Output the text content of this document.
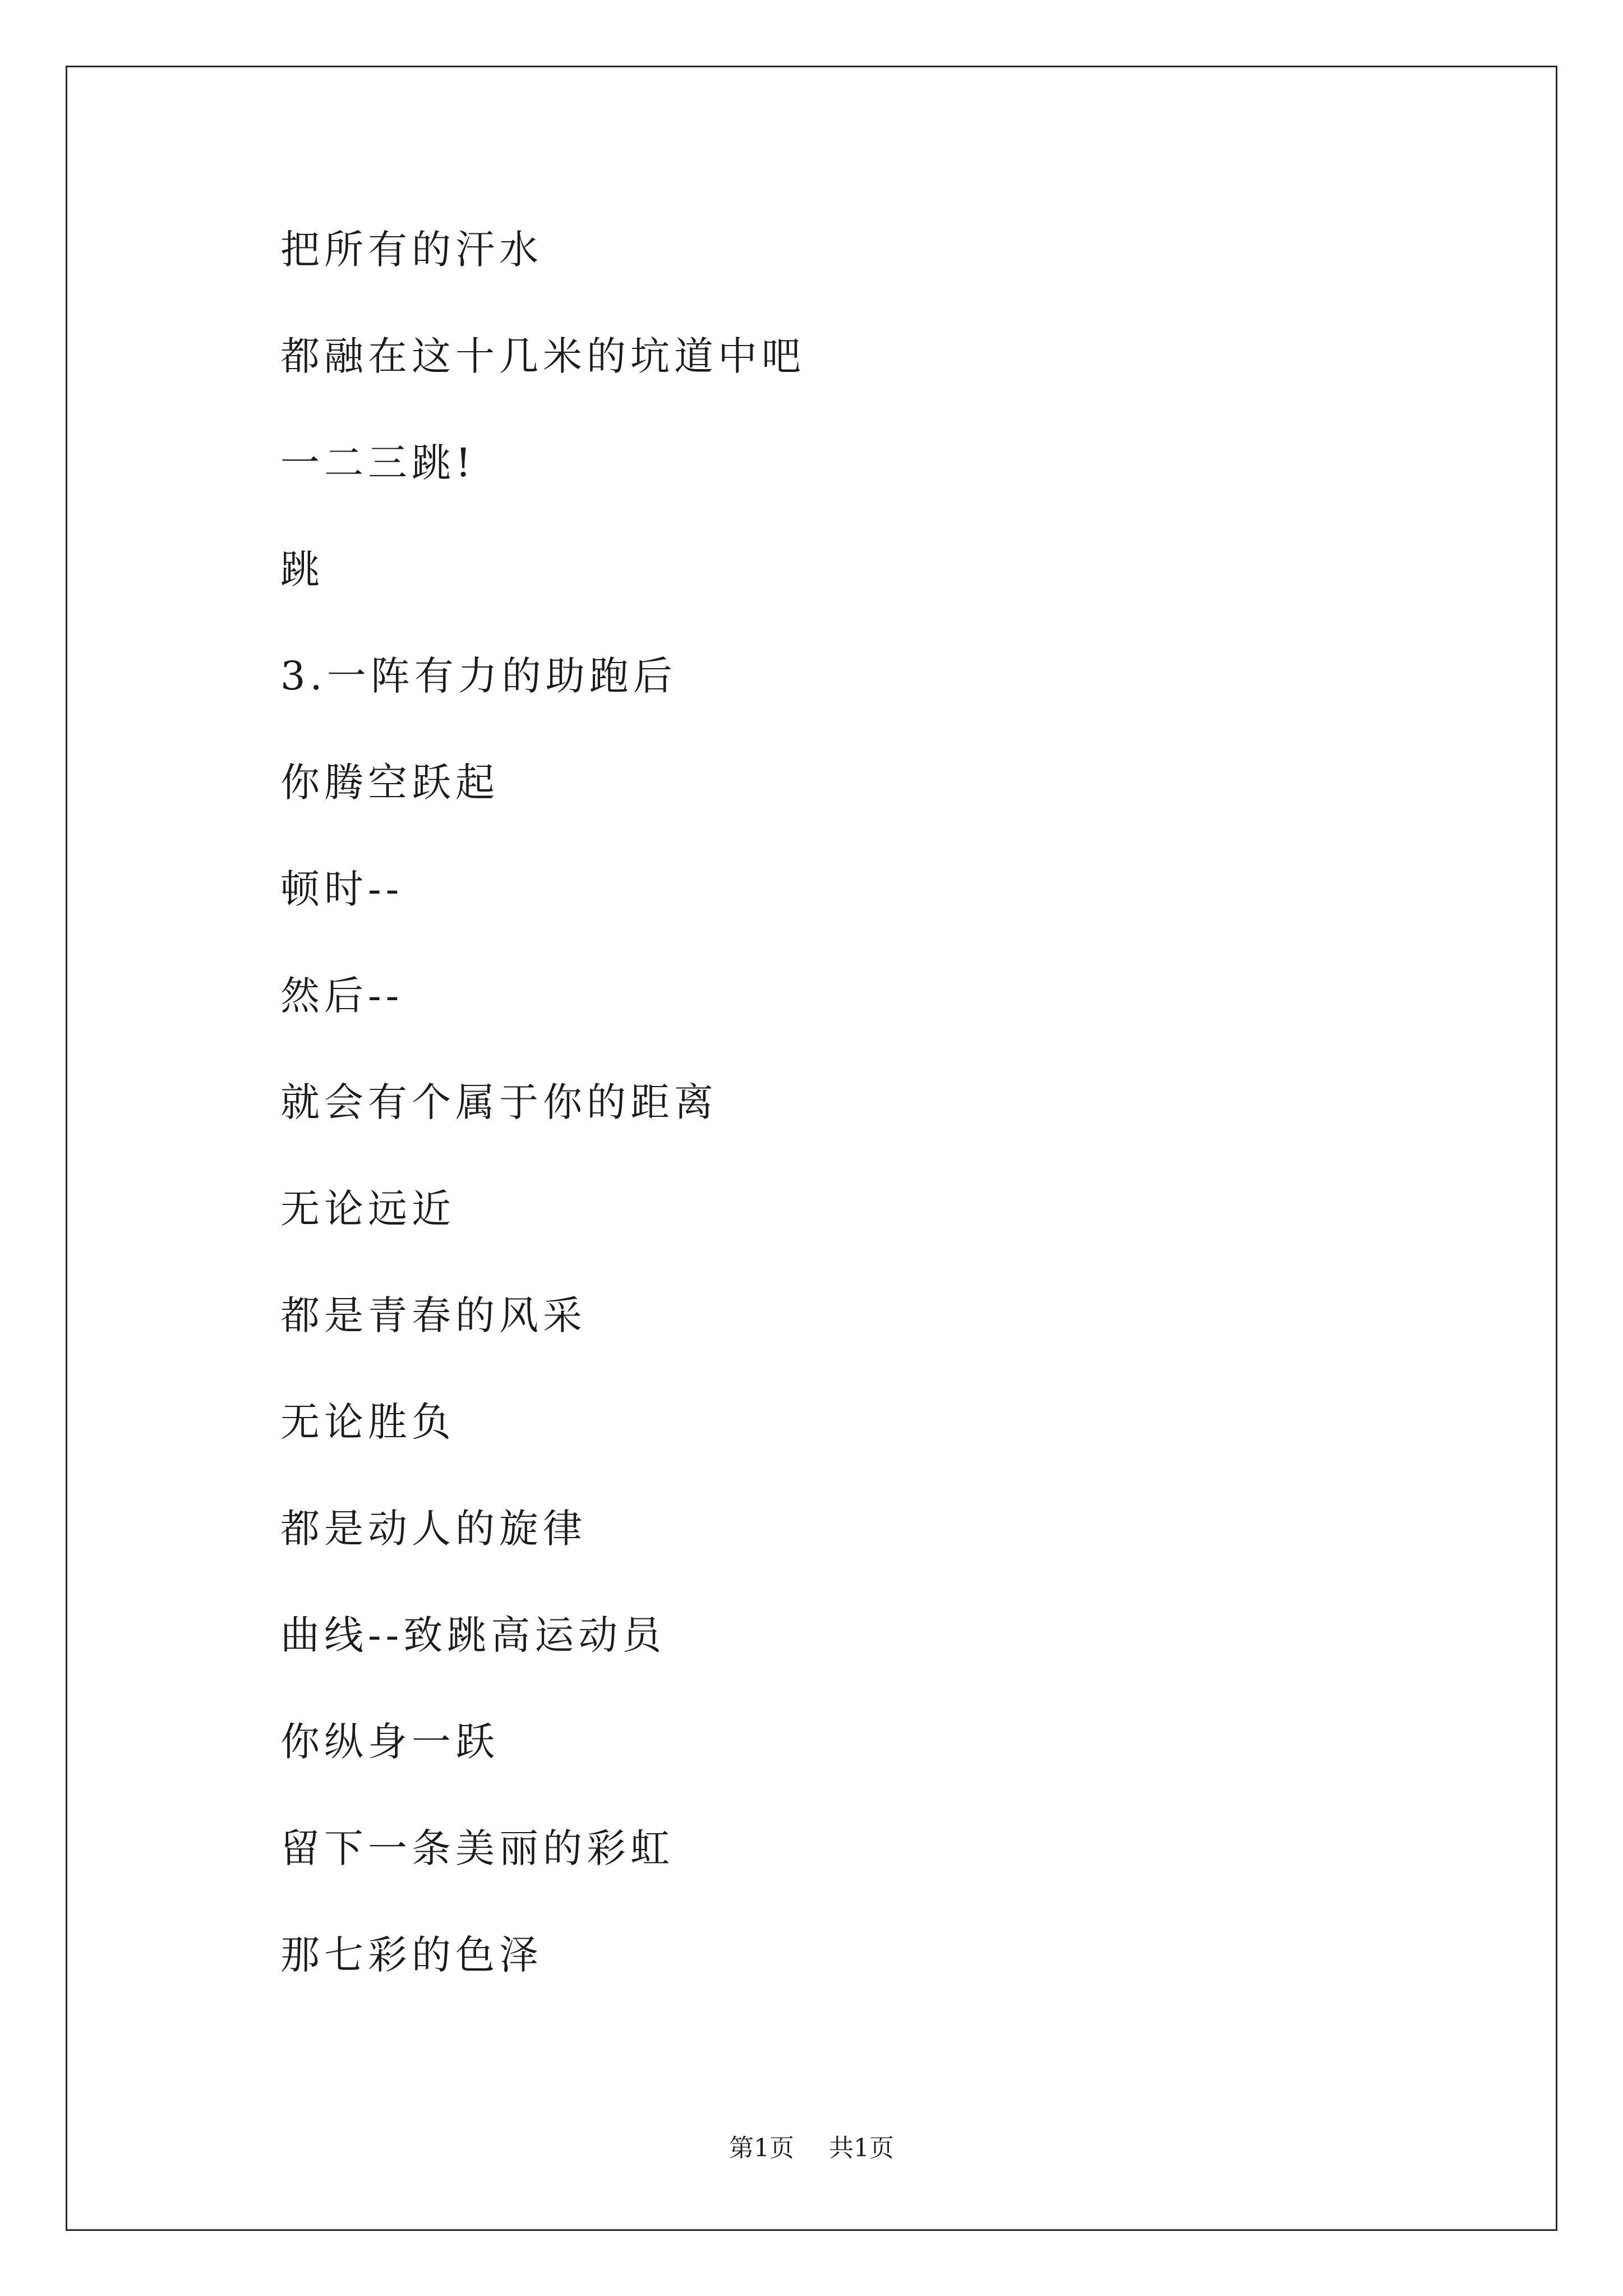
把所有的汗水
都融在这十几米的坑道中吧
一二三跳!
跳
3.一阵有力的助跑后
你腾空跃起
顿时--
然后--
就会有个属于你的距离
无论远近
都是青春的风采
无论胜负
都是动人的旋律
曲线--致跳高运动员
你纵身一跃
留下一条美丽的彩虹
那七彩的色泽
第1页 共1页
